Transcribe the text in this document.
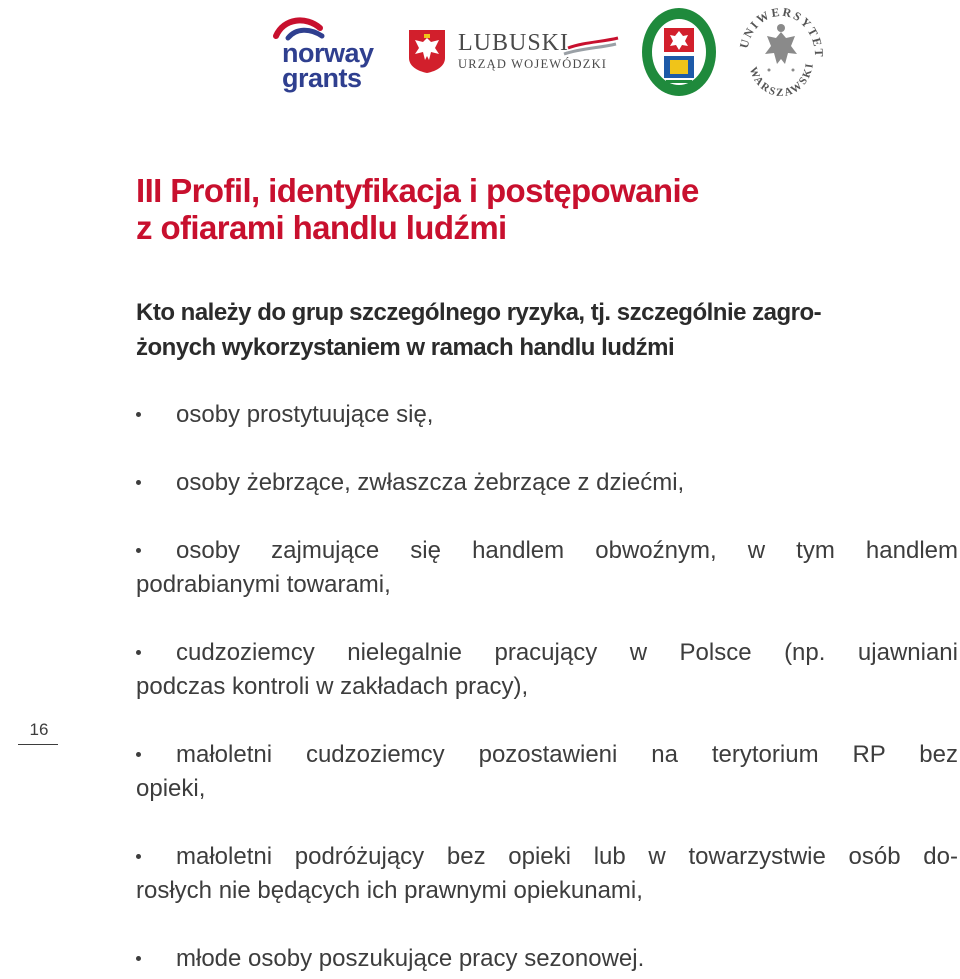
norway
grants
LUBUSKI
URZĄD WOJEWÓDZKI
UNIWERSYTET
WARSZAWSKI
III Profil, identyfikacja i postępowanie
z ofiarami handlu ludźmi
Kto należy do grup szczególnego ryzyka, tj. szczególnie zagro-
żonych wykorzystaniem w ramach handlu ludźmi
osoby prostytuujące się,
osoby żebrzące, zwłaszcza żebrzące z dziećmi,
osoby zajmujące się handlem obwoźnym, w tym handlem
podrabianymi towarami,
cudzoziemcy nielegalnie pracujący w Polsce (np. ujawniani
podczas kontroli w zakładach pracy),
małoletni cudzoziemcy pozostawieni na terytorium RP bez
opieki,
małoletni podróżujący bez opieki lub w towarzystwie osób do-
rosłych nie będących ich prawnymi opiekunami,
młode osoby poszukujące pracy sezonowej.
16
